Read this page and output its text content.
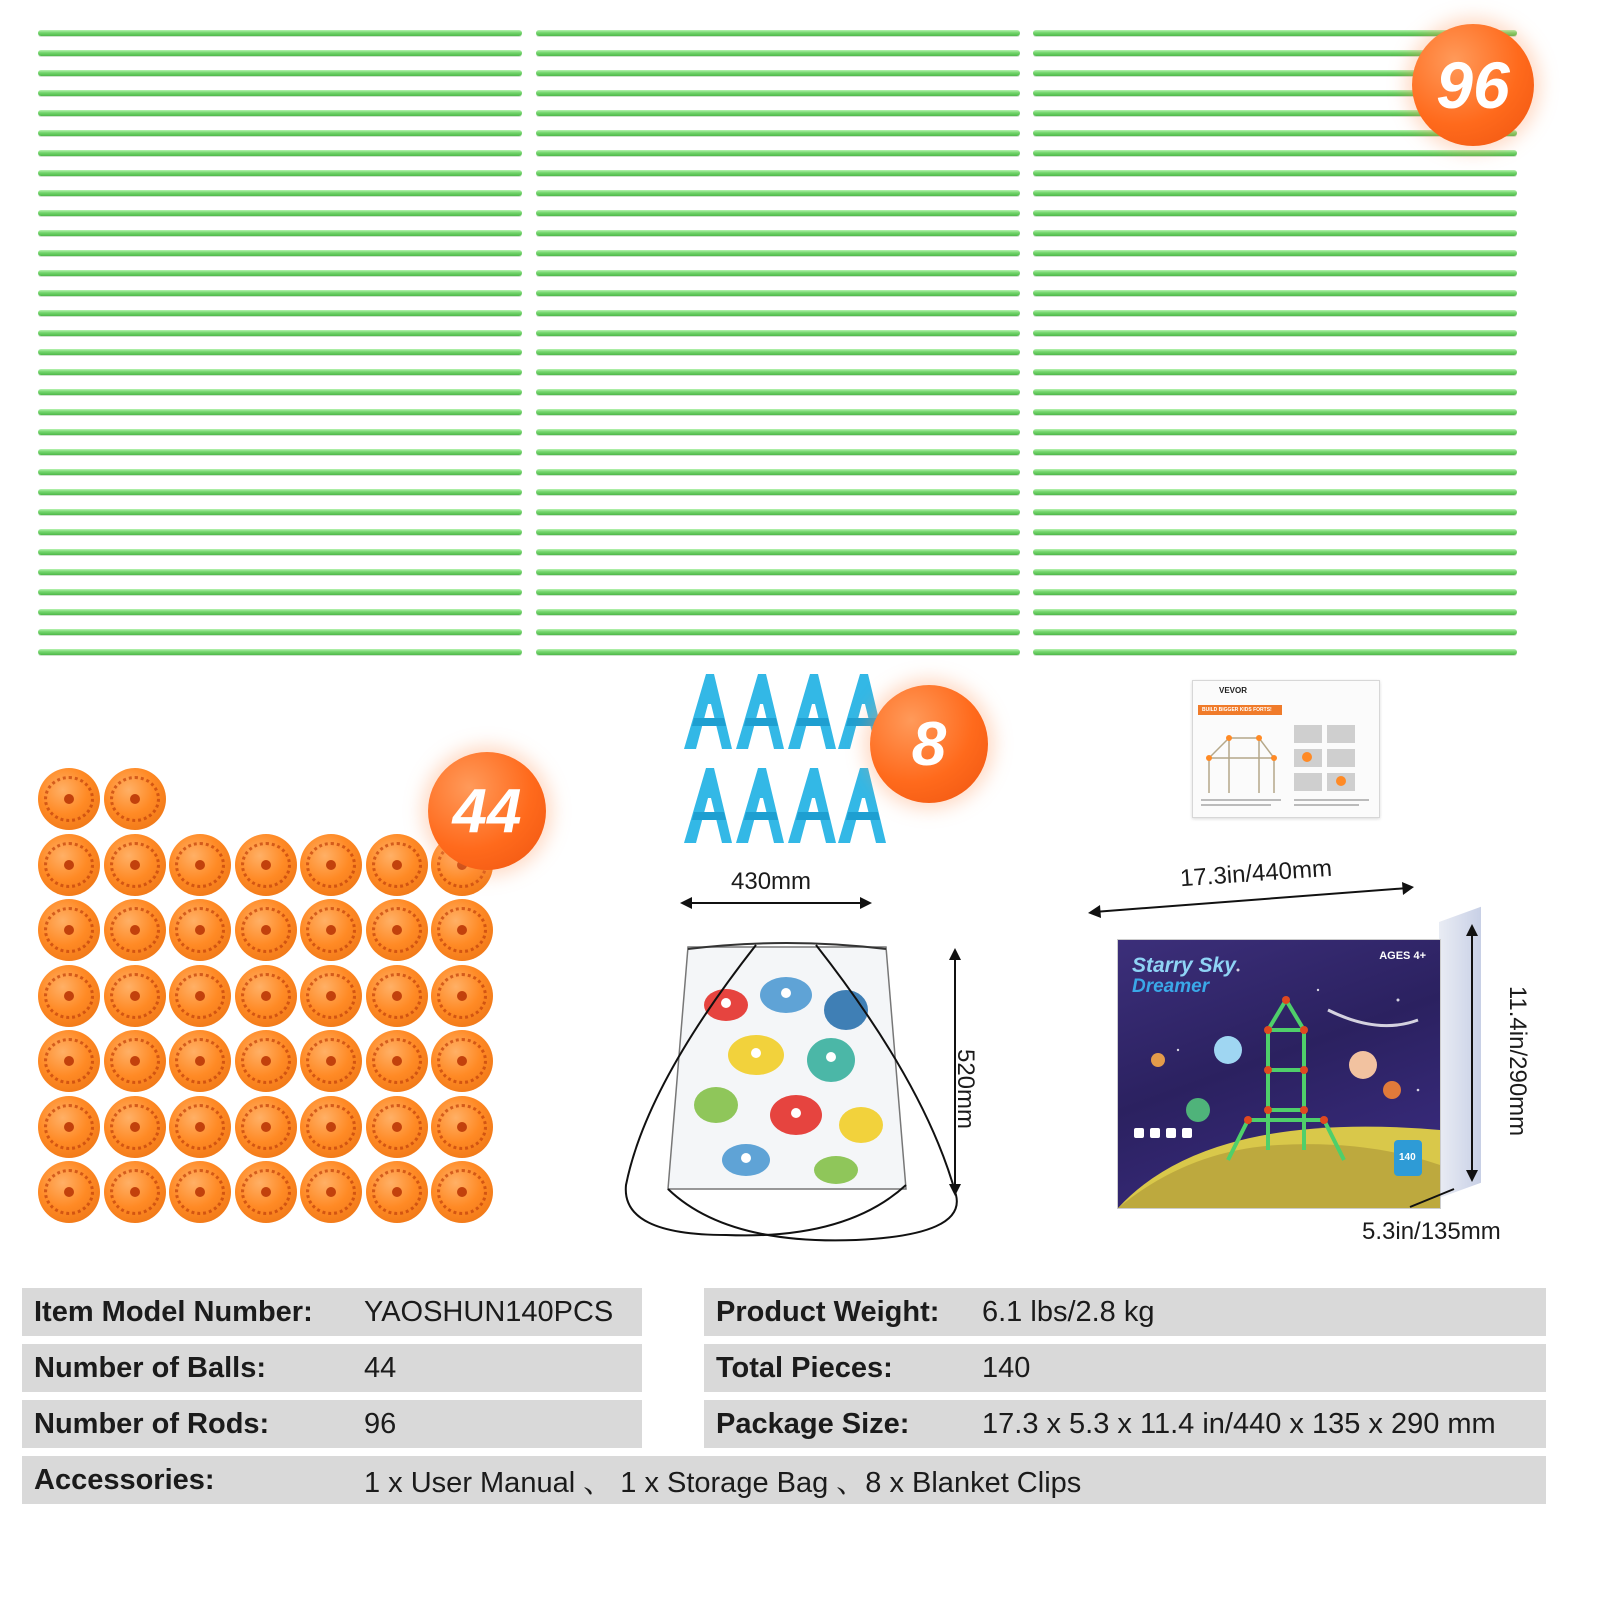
96
44
8
VEVOR
BUILD BIGGER KIDS FORTS!
430mm
520mm
17.3in/440mm
Starry Sky
Dreamer
AGES 4+
140
11.4in/290mm
5.3in/135mm
Item Model Number: YAOSHUN140PCS	Product Weight: 6.1 lbs/2.8 kg
Number of Balls:	44	Total Pieces:	140
Number of Rods:	96	Package Size:	17.3 x 5.3 x 11.4 in/440 x 135 x 290 mm
Accessories:	1 x User Manual 、 1 x Storage Bag 、8 x Blanket Clips
